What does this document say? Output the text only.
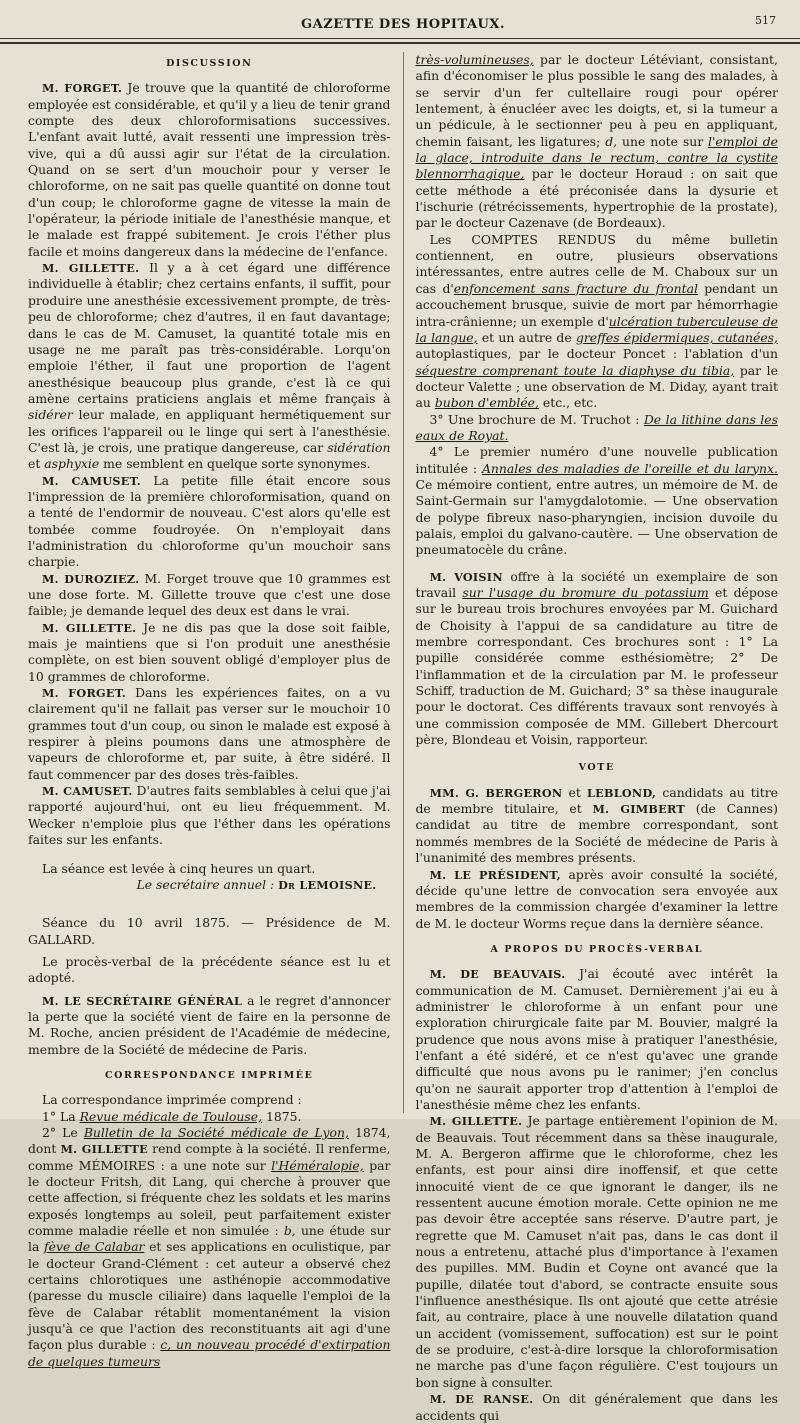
GAZETTE DES HOPITAUX.	517
DISCUSSION

M. FORGET. Je trouve que la quantité de chloroforme employée est considérable, et qu'il y a lieu de tenir grand compte des deux chloroformisations successives. L'enfant avait lutté, avait ressenti une impression très-vive, qui a dû aussi agir sur l'état de la circulation. Quand on se sert d'un mouchoir pour y verser le chloroforme, on ne sait pas quelle quantité on donne tout d'un coup; le chloroforme gagne de vitesse la main de l'opérateur, la période initiale de l'anesthésie manque, et le malade est frappé subitement. Je crois l'éther plus facile et moins dangereux dans la médecine de l'enfance.

M. GILLETTE. Il y a à cet égard une différence individuelle à établir; chez certains enfants, il suffit, pour produire une anesthésie excessivement prompte, de très-peu de chloroforme; chez d'autres, il en faut davantage; dans le cas de M. Camuset, la quantité totale mis en usage ne me paraît pas très-considérable. Lorqu'on emploie l'éther, il faut une proportion de l'agent anesthésique beaucoup plus grande, c'est là ce qui amène certains praticiens anglais et même français à sidérer leur malade, en appliquant hermétiquement sur les orifices l'appareil ou le linge qui sert à l'anesthésie. C'est là, je crois, une pratique dangereuse, car sidération et asphyxie me semblent en quelque sorte synonymes.

M. CAMUSET. La petite fille était encore sous l'impression de la première chloroformisation, quand on a tenté de l'endormir de nouveau. C'est alors qu'elle est tombée comme foudroyée. On n'employait dans l'administration du chloroforme qu'un mouchoir sans charpie.

M. DUROZIEZ. M. Forget trouve que 10 grammes est une dose forte. M. Gillette trouve que c'est une dose faible; je demande lequel des deux est dans le vrai.

M. GILLETTE. Je ne dis pas que la dose soit faible, mais je maintiens que si l'on produit une anesthésie complète, on est bien souvent obligé d'employer plus de 10 grammes de chloroforme.

M. FORGET. Dans les expériences faites, on a vu clairement qu'il ne fallait pas verser sur le mouchoir 10 grammes tout d'un coup, ou sinon le malade est exposé à respirer à pleins poumons dans une atmosphère de vapeurs de chloroforme et, par suite, à être sidéré. Il faut commencer par des doses très-faibles.

M. CAMUSET. D'autres faits semblables à celui que j'ai rapporté aujourd'hui, ont eu lieu fréquemment. M. Wecker n'emploie plus que l'éther dans les opérations faites sur les enfants.

La séance est levée à cinq heures un quart.

Le secrétaire annuel : Dr LEMOISNE.

Séance du 10 avril 1875. — Présidence de M. GALLARD.

Le procès-verbal de la précédente séance est lu et adopté.

M. LE SECRÉTAIRE GÉNÉRAL a le regret d'annoncer la perte que la société vient de faire en la personne de M. Roche, ancien président de l'Académie de médecine, membre de la Société de médecine de Paris.

CORRESPONDANCE IMPRIMÉE

La correspondance imprimée comprend :

1° La Revue médicale de Toulouse, 1875.

2° Le Bulletin de la Société médicale de Lyon, 1874, dont M. GILLETTE rend compte à la société. Il renferme, comme MÉMOIRES : a une note sur l'Héméralopie, par le docteur Fritsh, dit Lang, qui cherche à prouver que cette affection, si fréquente chez les soldats et les marins exposés longtemps au soleil, peut parfaitement exister comme maladie réelle et non simulée : b, une étude sur la fève de Calabar et ses applications en oculistique, par le docteur Grand-Clément : cet auteur a observé chez certains chlorotiques une asthénopie accommodative (paresse du muscle ciliaire) dans laquelle l'emploi de la fève de Calabar rétablit momentanément la vision jusqu'à ce que l'action des reconstituants ait agi d'une façon plus durable : c, un nouveau procédé d'extirpation de quelques tumeurs

très-volumineuses, par le docteur Létéviant, consistant, afin d'économiser le plus possible le sang des malades, à se servir d'un fer cultellaire rougi pour opérer lentement, à énucléer avec les doigts, et, si la tumeur a un pédicule, à le sectionner peu à peu en appliquant, chemin faisant, les ligatures; d, une note sur l'emploi de la glace, introduite dans le rectum, contre la cystite blennorrhagique, par le docteur Horaud : on sait que cette méthode a été préconisée dans la dysurie et l'ischurie (rétrécissements, hypertrophie de la prostate), par le docteur Cazenave (de Bordeaux).

Les COMPTES RENDUS du même bulletin contiennent, en outre, plusieurs observations intéressantes, entre autres celle de M. Chaboux sur un cas d'enfoncement sans fracture du frontal pendant un accouchement brusque, suivie de mort par hémorrhagie intra-crânienne; un exemple d'ulcération tuberculeuse de la langue, et un autre de greffes épidermiques, cutanées, autoplastiques, par le docteur Poncet : l'ablation d'un séquestre comprenant toute la diaphyse du tibia, par le docteur Valette ; une observation de M. Diday, ayant trait au bubon d'emblée, etc., etc.

3° Une brochure de M. Truchot : De la lithine dans les eaux de Royat.

4° Le premier numéro d'une nouvelle publication intitulée : Annales des maladies de l'oreille et du larynx. Ce mémoire contient, entre autres, un mémoire de M. de Saint-Germain sur l'amygdalotomie. — Une observation de polype fibreux naso-pharyngien, incision duvoile du palais, emploi du galvano-cautère. — Une observation de pneumatocèle du crâne.

M. VOISIN offre à la société un exemplaire de son travail sur l'usage du bromure du potassium et dépose sur le bureau trois brochures envoyées par M. Guichard de Choisity à l'appui de sa candidature au titre de membre correspondant. Ces brochures sont : 1° La pupille considérée comme esthésiomètre; 2° De l'inflammation et de la circulation par M. le professeur Schiff, traduction de M. Guichard; 3° sa thèse inaugurale pour le doctorat. Ces différents travaux sont renvoyés à une commission composée de MM. Gillebert Dhercourt père, Blondeau et Voisin, rapporteur.

VOTE

MM. G. BERGERON et LEBLOND, candidats au titre de membre titulaire, et M. GIMBERT (de Cannes) candidat au titre de membre correspondant, sont nommés membres de la Société de médecine de Paris à l'unanimité des membres présents.

M. LE PRÉSIDENT, après avoir consulté la société, décide qu'une lettre de convocation sera envoyée aux membres de la commission chargée d'examiner la lettre de M. le docteur Worms reçue dans la dernière séance.

A PROPOS DU PROCÈS-VERBAL

M. DE BEAUVAIS. J'ai écouté avec intérêt la communication de M. Camuset. Dernièrement j'ai eu à administrer le chloroforme à un enfant pour une exploration chirurgicale faite par M. Bouvier, malgré la prudence que nous avons mise à pratiquer l'anesthésie, l'enfant a été sidéré, et ce n'est qu'avec une grande difficulté que nous avons pu le ranimer; j'en conclus qu'on ne saurait apporter trop d'attention à l'emploi de l'anesthésie même chez les enfants.

M. GILLETTE. Je partage entièrement l'opinion de M. de Beauvais. Tout récemment dans sa thèse inaugurale, M. A. Bergeron affirme que le chloroforme, chez les enfants, est pour ainsi dire inoffensif, et que cette innocuité vient de ce que ignorant le danger, ils ne ressentent aucune émotion morale. Cette opinion ne me pas devoir être acceptée sans réserve. D'autre part, je regrette que M. Camuset n'ait pas, dans le cas dont il nous a entretenu, attaché plus d'importance à l'examen des pupilles. MM. Budin et Coyne ont avancé que la pupille, dilatée tout d'abord, se contracte ensuite sous l'influence anesthésique. Ils ont ajouté que cette atrésie fait, au contraire, place à une nouvelle dilatation quand un accident (vomissement, suffocation) est sur le point de se produire, c'est-à-dire lorsque la chloroformisation ne marche pas d'une façon régulière. C'est toujours un bon signe à consulter.

M. DE RANSE. On dit généralement que dans les accidents qui
